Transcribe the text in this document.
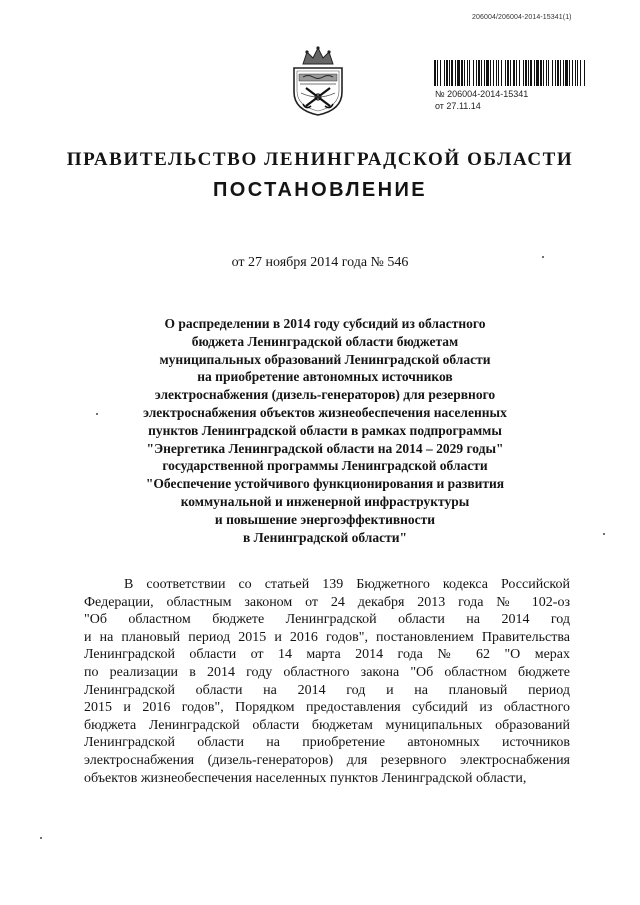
206004/206004-2014-15341(1)
№ 206004-2014-15341
от 27.11.14
ПРАВИТЕЛЬСТВО ЛЕНИНГРАДСКОЙ ОБЛАСТИ
ПОСТАНОВЛЕНИЕ
от 27 ноября 2014 года № 546

О распределении в 2014 году субсидий из областного
бюджета Ленинградской области бюджетам
муниципальных образований Ленинградской области
на приобретение автономных источников
электроснабжения (дизель-генераторов) для резервного
электроснабжения объектов жизнеобеспечения населенных
пунктов Ленинградской области в рамках подпрограммы
"Энергетика Ленинградской области на 2014 – 2029 годы"
государственной программы Ленинградской области
"Обеспечение устойчивого функционирования и развития
коммунальной и инженерной инфраструктуры
и повышение энергоэффективности
в Ленинградской области"

В соответствии со статьей 139 Бюджетного кодекса Российской
Федерации, областным законом от 24 декабря 2013 года № 102-оз
"Об областном бюджете Ленинградской области на 2014 год
и на плановый период 2015 и 2016 годов", постановлением Правительства
Ленинградской области от 14 марта 2014 года № 62 "О мерах
по реализации в 2014 году областного закона "Об областном бюджете
Ленинградской области на 2014 год и на плановый период
2015 и 2016 годов", Порядком предоставления субсидий из областного
бюджета Ленинградской области бюджетам муниципальных образований
Ленинградской области на приобретение автономных источников
электроснабжения (дизель-генераторов) для резервного электроснабжения
объектов жизнеобеспечения населенных пунктов Ленинградской области,
